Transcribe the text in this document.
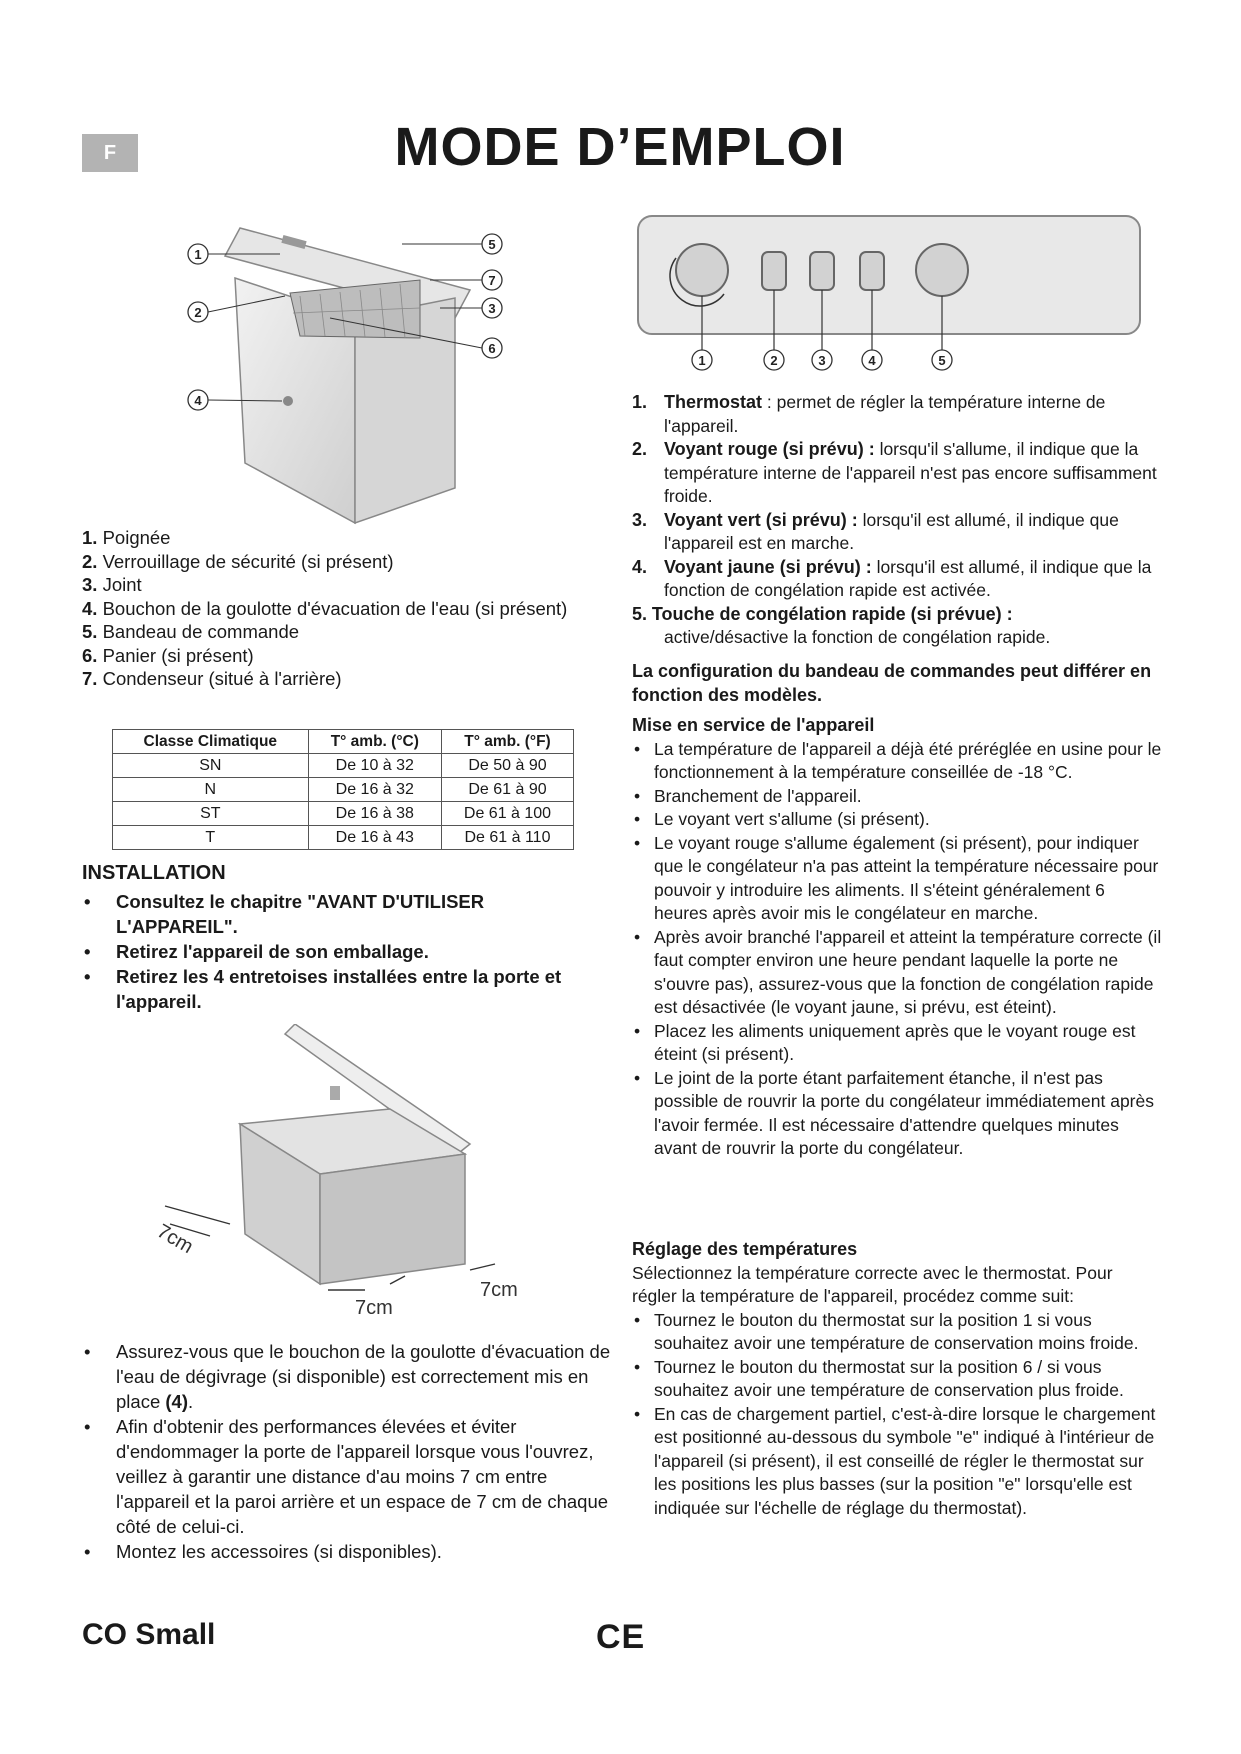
F	MODE D’EMPLOI
1
2	3
4
5
6
7
1. Poignée
2. Verrouillage de sécurité (si présent)
3. Joint
4. Bouchon de la goulotte d'évacuation de l'eau (si présent)
5. Bandeau de commande
6. Panier (si présent)
7. Condenseur (situé à l'arrière)
Classe Climatique	T° amb. (°C)	T° amb. (°F)
SN	De 10 à 32	De 50 à 90
N	De 16 à 32	De 61 à 90
ST	De 16 à 38	De 61 à 100
T	De 16 à 43	De 61 à 110
INSTALLATION
• Consultez le chapitre "AVANT D'UTILISER L'APPAREIL".
• Retirez l'appareil de son emballage.
• Retirez les 4 entretoises installées entre la porte et l'appareil.
7cm
7cm
7cm
• Assurez-vous que le bouchon de la goulotte d'évacuation de l'eau de dégivrage (si disponible) est correctement mis en place (4).
• Afin d'obtenir des performances élevées et éviter d'endommager la porte de l'appareil lorsque vous l'ouvrez, veillez à garantir une distance d'au moins 7 cm entre l'appareil et la paroi arrière et un espace de 7 cm de chaque côté de celui-ci.
• Montez les accessoires (si disponibles).
1	2	3	4	5
1. Thermostat : permet de régler la température interne de l'appareil.
2. Voyant rouge (si prévu) : lorsqu'il s'allume, il indique que la température interne de l'appareil n'est pas encore suffisamment froide.
3. Voyant vert (si prévu) : lorsqu'il est allumé, il indique que l'appareil est en marche.
4. Voyant jaune (si prévu) : lorsqu'il est allumé, il indique que la fonction de congélation rapide est activée.
5. Touche de congélation rapide (si prévue) :
active/désactive la fonction de congélation rapide.
La configuration du bandeau de commandes peut différer en fonction des modèles.
Mise en service de l'appareil
• La température de l'appareil a déjà été préréglée en usine pour le fonctionnement à la température conseillée de -18 °C.
• Branchement de l'appareil.
• Le voyant vert s'allume (si présent).
• Le voyant rouge s'allume également (si présent), pour indiquer que le congélateur n'a pas atteint la température nécessaire pour pouvoir y introduire les aliments. Il s'éteint généralement 6 heures après avoir mis le congélateur en marche.
• Après avoir branché l'appareil et atteint la température correcte (il faut compter environ une heure pendant laquelle la porte ne s'ouvre pas), assurez-vous que la fonction de congélation rapide est désactivée (le voyant jaune, si prévu, est éteint).
• Placez les aliments uniquement après que le voyant rouge est éteint (si présent).
• Le joint de la porte étant parfaitement étanche, il n'est pas possible de rouvrir la porte du congélateur immédiatement après l'avoir fermée. Il est nécessaire d'attendre quelques minutes avant de rouvrir la porte du congélateur.
Réglage des températures
Sélectionnez la température correcte avec le thermostat. Pour régler la température de l'appareil, procédez comme suit:
• Tournez le bouton du thermostat sur la position 1 si vous souhaitez avoir une température de conservation moins froide.
• Tournez le bouton du thermostat sur la position 6 / si vous souhaitez avoir une température de conservation plus froide.
• En cas de chargement partiel, c'est-à-dire lorsque le chargement est positionné au-dessous du symbole "e" indiqué à l'intérieur de l'appareil (si présent), il est conseillé de régler le thermostat sur les positions les plus basses (sur la position "e" lorsqu'elle est indiquée sur l'échelle de réglage du thermostat).
CO Small	CE
